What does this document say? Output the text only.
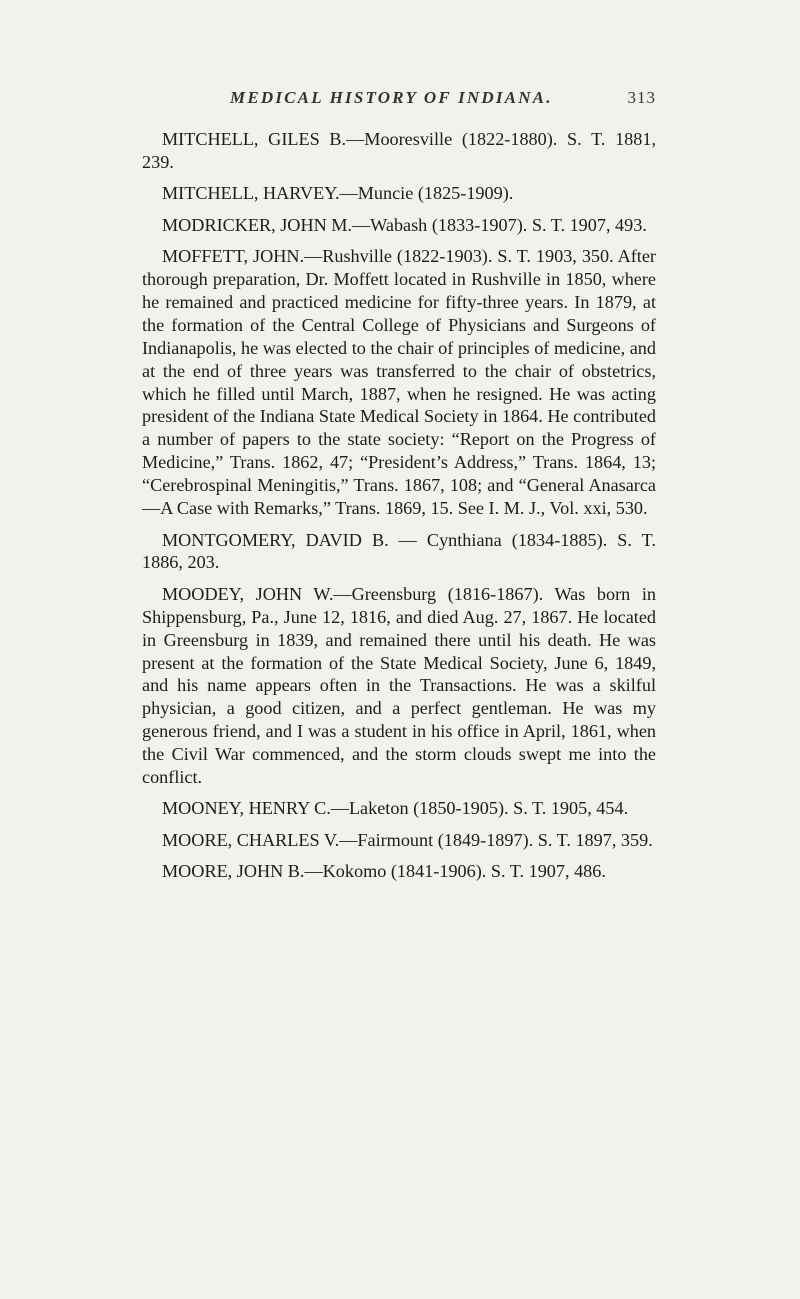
MEDICAL HISTORY OF INDIANA.	313

MITCHELL, GILES B.—Mooresville (1822-1880). S. T. 1881, 239.

MITCHELL, HARVEY.—Muncie (1825-1909).

MODRICKER, JOHN M.—Wabash (1833-1907). S. T. 1907, 493.

MOFFETT, JOHN.—Rushville (1822-1903). S. T. 1903, 350. After thorough preparation, Dr. Moffett located in Rushville in 1850, where he remained and practiced medicine for fifty-three years. In 1879, at the formation of the Central College of Physicians and Surgeons of Indianapolis, he was elected to the chair of principles of medicine, and at the end of three years was transferred to the chair of obstetrics, which he filled until March, 1887, when he resigned. He was acting president of the Indiana State Medical Society in 1864. He contributed a number of papers to the state society: “Report on the Progress of Medicine,” Trans. 1862, 47; “President’s Address,” Trans. 1864, 13; “Cerebrospinal Meningitis,” Trans. 1867, 108; and “General Anasarca—A Case with Remarks,” Trans. 1869, 15. See I. M. J., Vol. xxi, 530.

MONTGOMERY, DAVID B. — Cynthiana (1834-1885). S. T. 1886, 203.

MOODEY, JOHN W.—Greensburg (1816-1867). Was born in Shippensburg, Pa., June 12, 1816, and died Aug. 27, 1867. He located in Greensburg in 1839, and remained there until his death. He was present at the formation of the State Medical Society, June 6, 1849, and his name appears often in the Transactions. He was a skilful physician, a good citizen, and a perfect gentleman. He was my generous friend, and I was a student in his office in April, 1861, when the Civil War commenced, and the storm clouds swept me into the conflict.

MOONEY, HENRY C.—Laketon (1850-1905). S. T. 1905, 454.

MOORE, CHARLES V.—Fairmount (1849-1897). S. T. 1897, 359.

MOORE, JOHN B.—Kokomo (1841-1906). S. T. 1907, 486.
